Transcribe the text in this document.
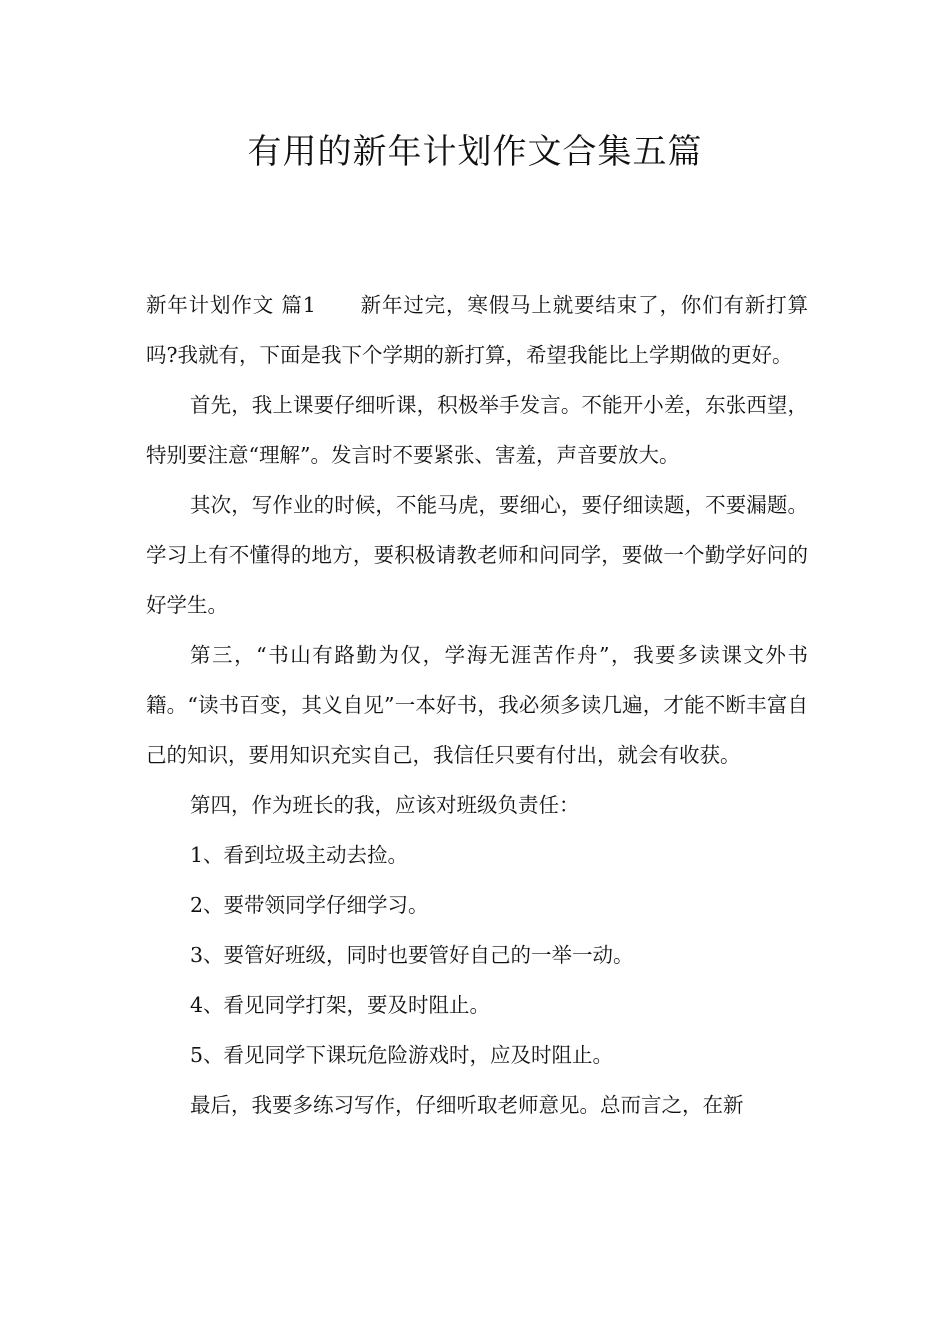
有用的新年计划作文合集五篇

新年计划作文 篇1 新年过完，寒假马上就要结束了，你们有新打算吗?我就有，下面是我下个学期的新打算，希望我能比上学期做的更好。

首先，我上课要仔细听课，积极举手发言。不能开小差，东张西望，特别要注意“理解”。发言时不要紧张、害羞，声音要放大。

其次，写作业的时候，不能马虎，要细心，要仔细读题，不要漏题。学习上有不懂得的地方，要积极请教老师和问同学，要做一个勤学好问的好学生。

第三，“书山有路勤为仅，学海无涯苦作舟”，我要多读课文外书籍。“读书百变，其义自见”一本好书，我必须多读几遍，才能不断丰富自己的知识，要用知识充实自己，我信任只要有付出，就会有收获。

第四，作为班长的我，应该对班级负责任：

1、看到垃圾主动去捡。

2、要带领同学仔细学习。

3、要管好班级，同时也要管好自己的一举一动。

4、看见同学打架，要及时阻止。

5、看见同学下课玩危险游戏时，应及时阻止。

最后，我要多练习写作，仔细听取老师意见。总而言之，在新
